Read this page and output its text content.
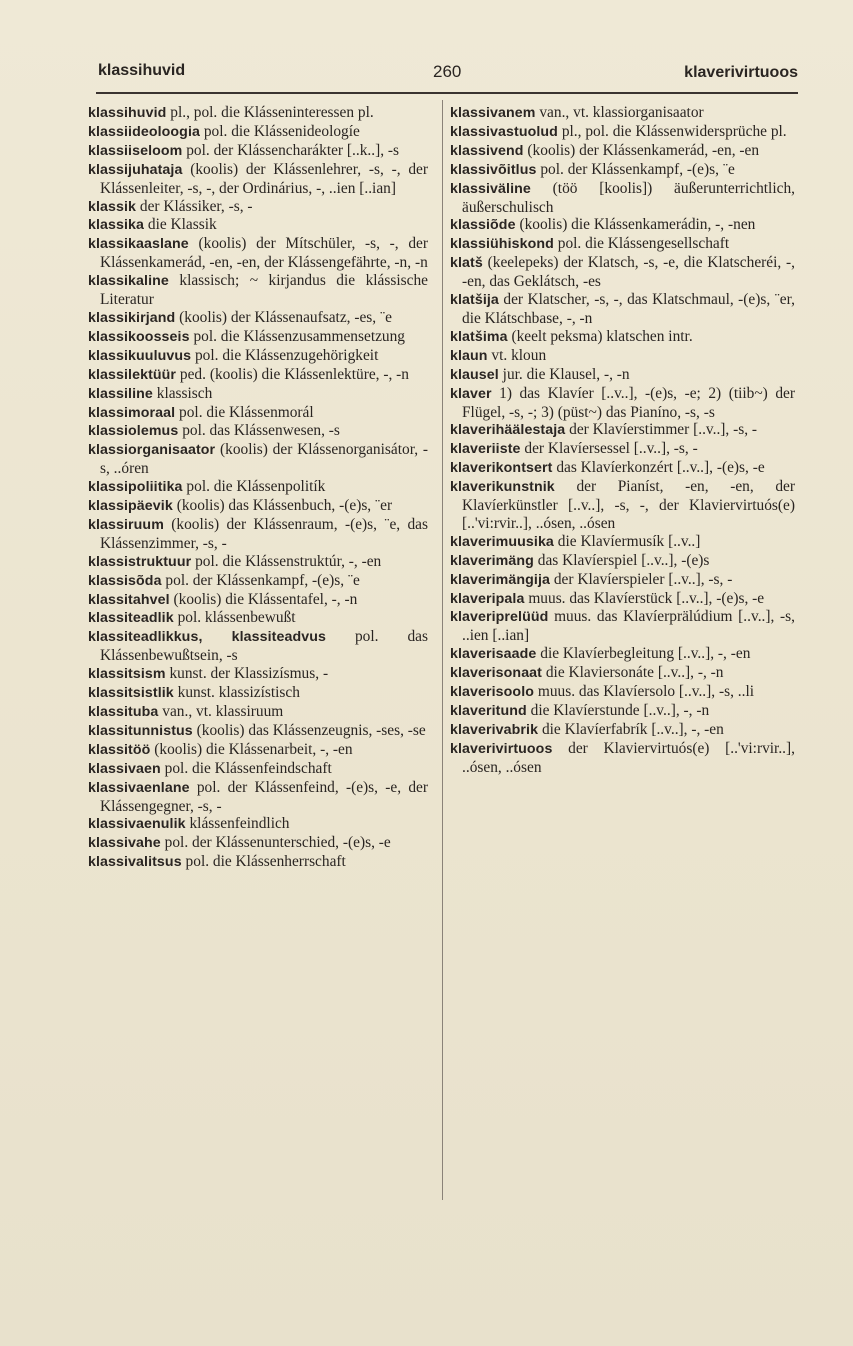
klassihuvid	260	klaverivirtuoos

klassihuvid pl., pol. die Klásseninteressen pl.

klassiideoloogia pol. die Klássenideologíe

klassiiseloom pol. der Klássencharákter [..k..], -s

klassijuhataja (koolis) der Klássenlehrer, -s, -, der Klássenleiter, -s, -, der Ordinárius, -, ..ien [..ian]

klassik der Klássiker, -s, -

klassika die Klassik

klassikaaslane (koolis) der Mítschüler, -s, -, der Klássenkamerád, -en, -en, der Klássengefährte, -n, -n

klassikaline klassisch; ~ kirjandus die klássische Literatur

klassikirjand (koolis) der Klássenaufsatz, -es, ¨e

klassikoosseis pol. die Klássenzusammensetzung

klassikuuluvus pol. die Klássenzugehörigkeit

klassilektüür ped. (koolis) die Klássenlektüre, -, -n

klassiline klassisch

klassimoraal pol. die Klássenmorál

klassiolemus pol. das Klássenwesen, -s

klassiorganisaator (koolis) der Klássenorganisátor, -s, ..óren

klassipoliitika pol. die Klássenpolitík

klassipäevik (koolis) das Klássenbuch, -(e)s, ¨er

klassiruum (koolis) der Klássenraum, -(e)s, ¨e, das Klássenzimmer, -s, -

klassistruktuur pol. die Klássenstruktúr, -, -en

klassisõda pol. der Klássenkampf, -(e)s, ¨e

klassitahvel (koolis) die Klássentafel, -, -n

klassiteadlik pol. klássenbewußt

klassiteadlikkus, klassiteadvus pol. das Klássenbewußtsein, -s

klassitsism kunst. der Klassizísmus, -

klassitsistlik kunst. klassizístisch

klassituba van., vt. klassiruum

klassitunnistus (koolis) das Klássenzeugnis, -ses, -se

klassitöö (koolis) die Klássenarbeit, -, -en

klassivaen pol. die Klássenfeindschaft

klassivaenlane pol. der Klássenfeind, -(e)s, -e, der Klássengegner, -s, -

klassivaenulik klássenfeindlich

klassivahe pol. der Klássenunterschied, -(e)s, -e

klassivalitsus pol. die Klássenherrschaft

klassivanem van., vt. klassiorganisaator

klassivastuolud pl., pol. die Klássenwidersprüche pl.

klassivend (koolis) der Klássenkamerád, -en, -en

klassivõitlus pol. der Klássenkampf, -(e)s, ¨e

klassiväline (töö [koolis]) äußerunterrichtlich, äußerschulisch

klassiõde (koolis) die Klássenkamerádin, -, -nen

klassiühiskond pol. die Klássengesellschaft

klatš (keelepeks) der Klatsch, -s, -e, die Klatscheréi, -, -en, das Geklátsch, -es

klatšija der Klatscher, -s, -, das Klatschmaul, -(e)s, ¨er, die Klátschbase, -, -n

klatšima (keelt peksma) klatschen intr.

klaun vt. kloun

klausel jur. die Klausel, -, -n

klaver 1) das Klavíer [..v..], -(e)s, -e; 2) (tiib~) der Flügel, -s, -; 3) (püst~) das Pianíno, -s, -s

klaverihäälestaja der Klavíerstimmer [..v..], -s, -

klaveriiste der Klavíersessel [..v..], -s, -

klaverikontsert das Klavíerkonzért [..v..], -(e)s, -e

klaverikunstnik der Pianíst, -en, -en, der Klavíerkünstler [..v..], -s, -, der Klaviervirtuós(e) [..'vi:rvir..], ..ósen, ..ósen

klaverimuusika die Klavíermusík [..v..]

klaverimäng das Klavíerspiel [..v..], -(e)s

klaverimängija der Klavíerspieler [..v..], -s, -

klaveripala muus. das Klavíerstück [..v..], -(e)s, -e

klaveriprelüüd muus. das Klavíerprälúdium [..v..], -s, ..ien [..ian]

klaverisaade die Klavíerbegleitung [..v..], -, -en

klaverisonaat die Klaviersonáte [..v..], -, -n

klaverisoolo muus. das Klavíersolo [..v..], -s, ..li

klaveritund die Klavíerstunde [..v..], -, -n

klaverivabrik die Klavíerfabrík [..v..], -, -en

klaverivirtuoos der Klaviervirtuós(e) [..'vi:rvir..], ..ósen, ..ósen
